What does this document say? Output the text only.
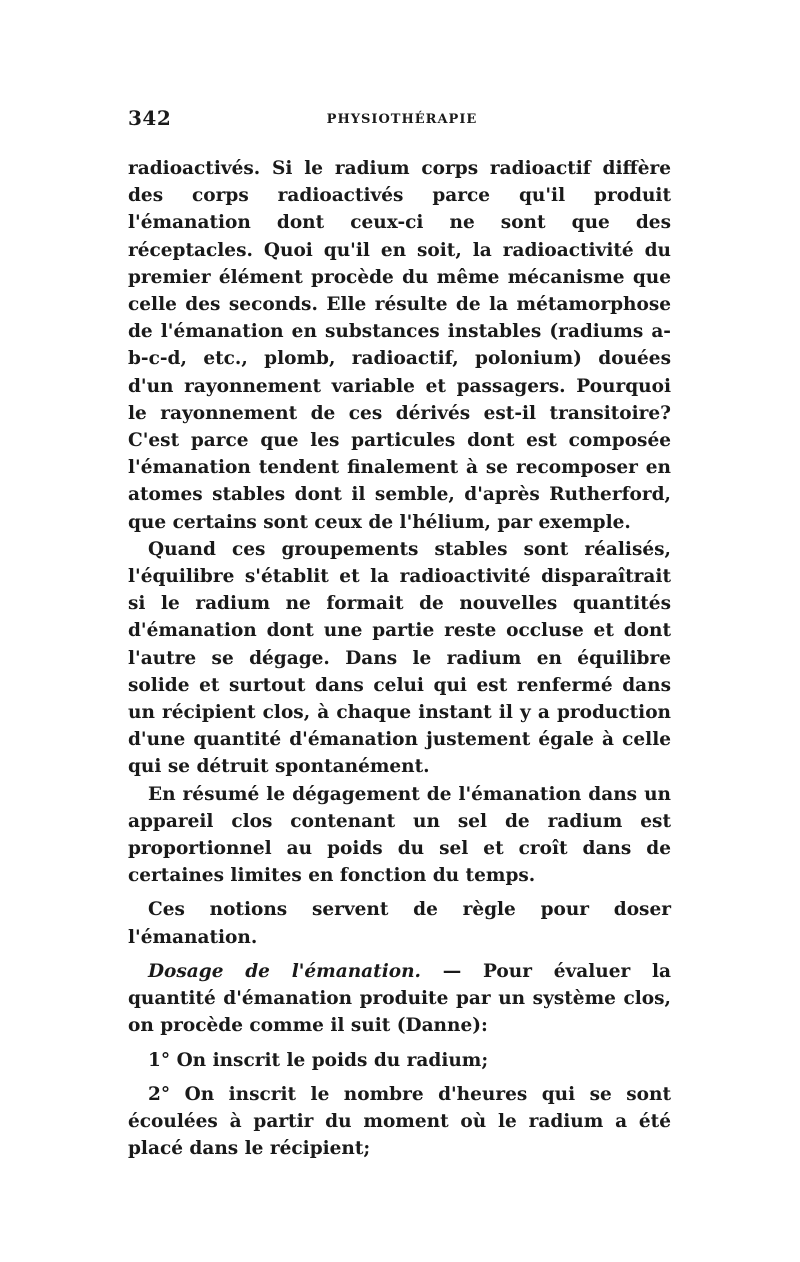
342	PHYSIOTHÉRAPIE

radioactivés. Si le radium corps radioactif diffère des corps radioactivés parce qu'il produit l'émanation dont ceux-ci ne sont que des réceptacles. Quoi qu'il en soit, la radioactivité du premier élément procède du même mécanisme que celle des seconds. Elle résulte de la métamorphose de l'émanation en substances instables (radiums a-b-c-d, etc., plomb, radioactif, polonium) douées d'un rayonnement variable et passagers. Pourquoi le rayonnement de ces dérivés est-il transitoire? C'est parce que les particules dont est composée l'émanation tendent finalement à se recomposer en atomes stables dont il semble, d'après Rutherford, que certains sont ceux de l'hélium, par exemple.

Quand ces groupements stables sont réalisés, l'équilibre s'établit et la radioactivité disparaîtrait si le radium ne formait de nouvelles quantités d'émanation dont une partie reste occluse et dont l'autre se dégage. Dans le radium en équilibre solide et surtout dans celui qui est renfermé dans un récipient clos, à chaque instant il y a production d'une quantité d'émanation justement égale à celle qui se détruit spontanément.

En résumé le dégagement de l'émanation dans un appareil clos contenant un sel de radium est proportionnel au poids du sel et croît dans de certaines limites en fonction du temps.

Ces notions servent de règle pour doser l'émanation.

Dosage de l'émanation. — Pour évaluer la quantité d'émanation produite par un système clos, on procède comme il suit (Danne):

1° On inscrit le poids du radium;

2° On inscrit le nombre d'heures qui se sont écoulées à partir du moment où le radium a été placé dans le récipient;
